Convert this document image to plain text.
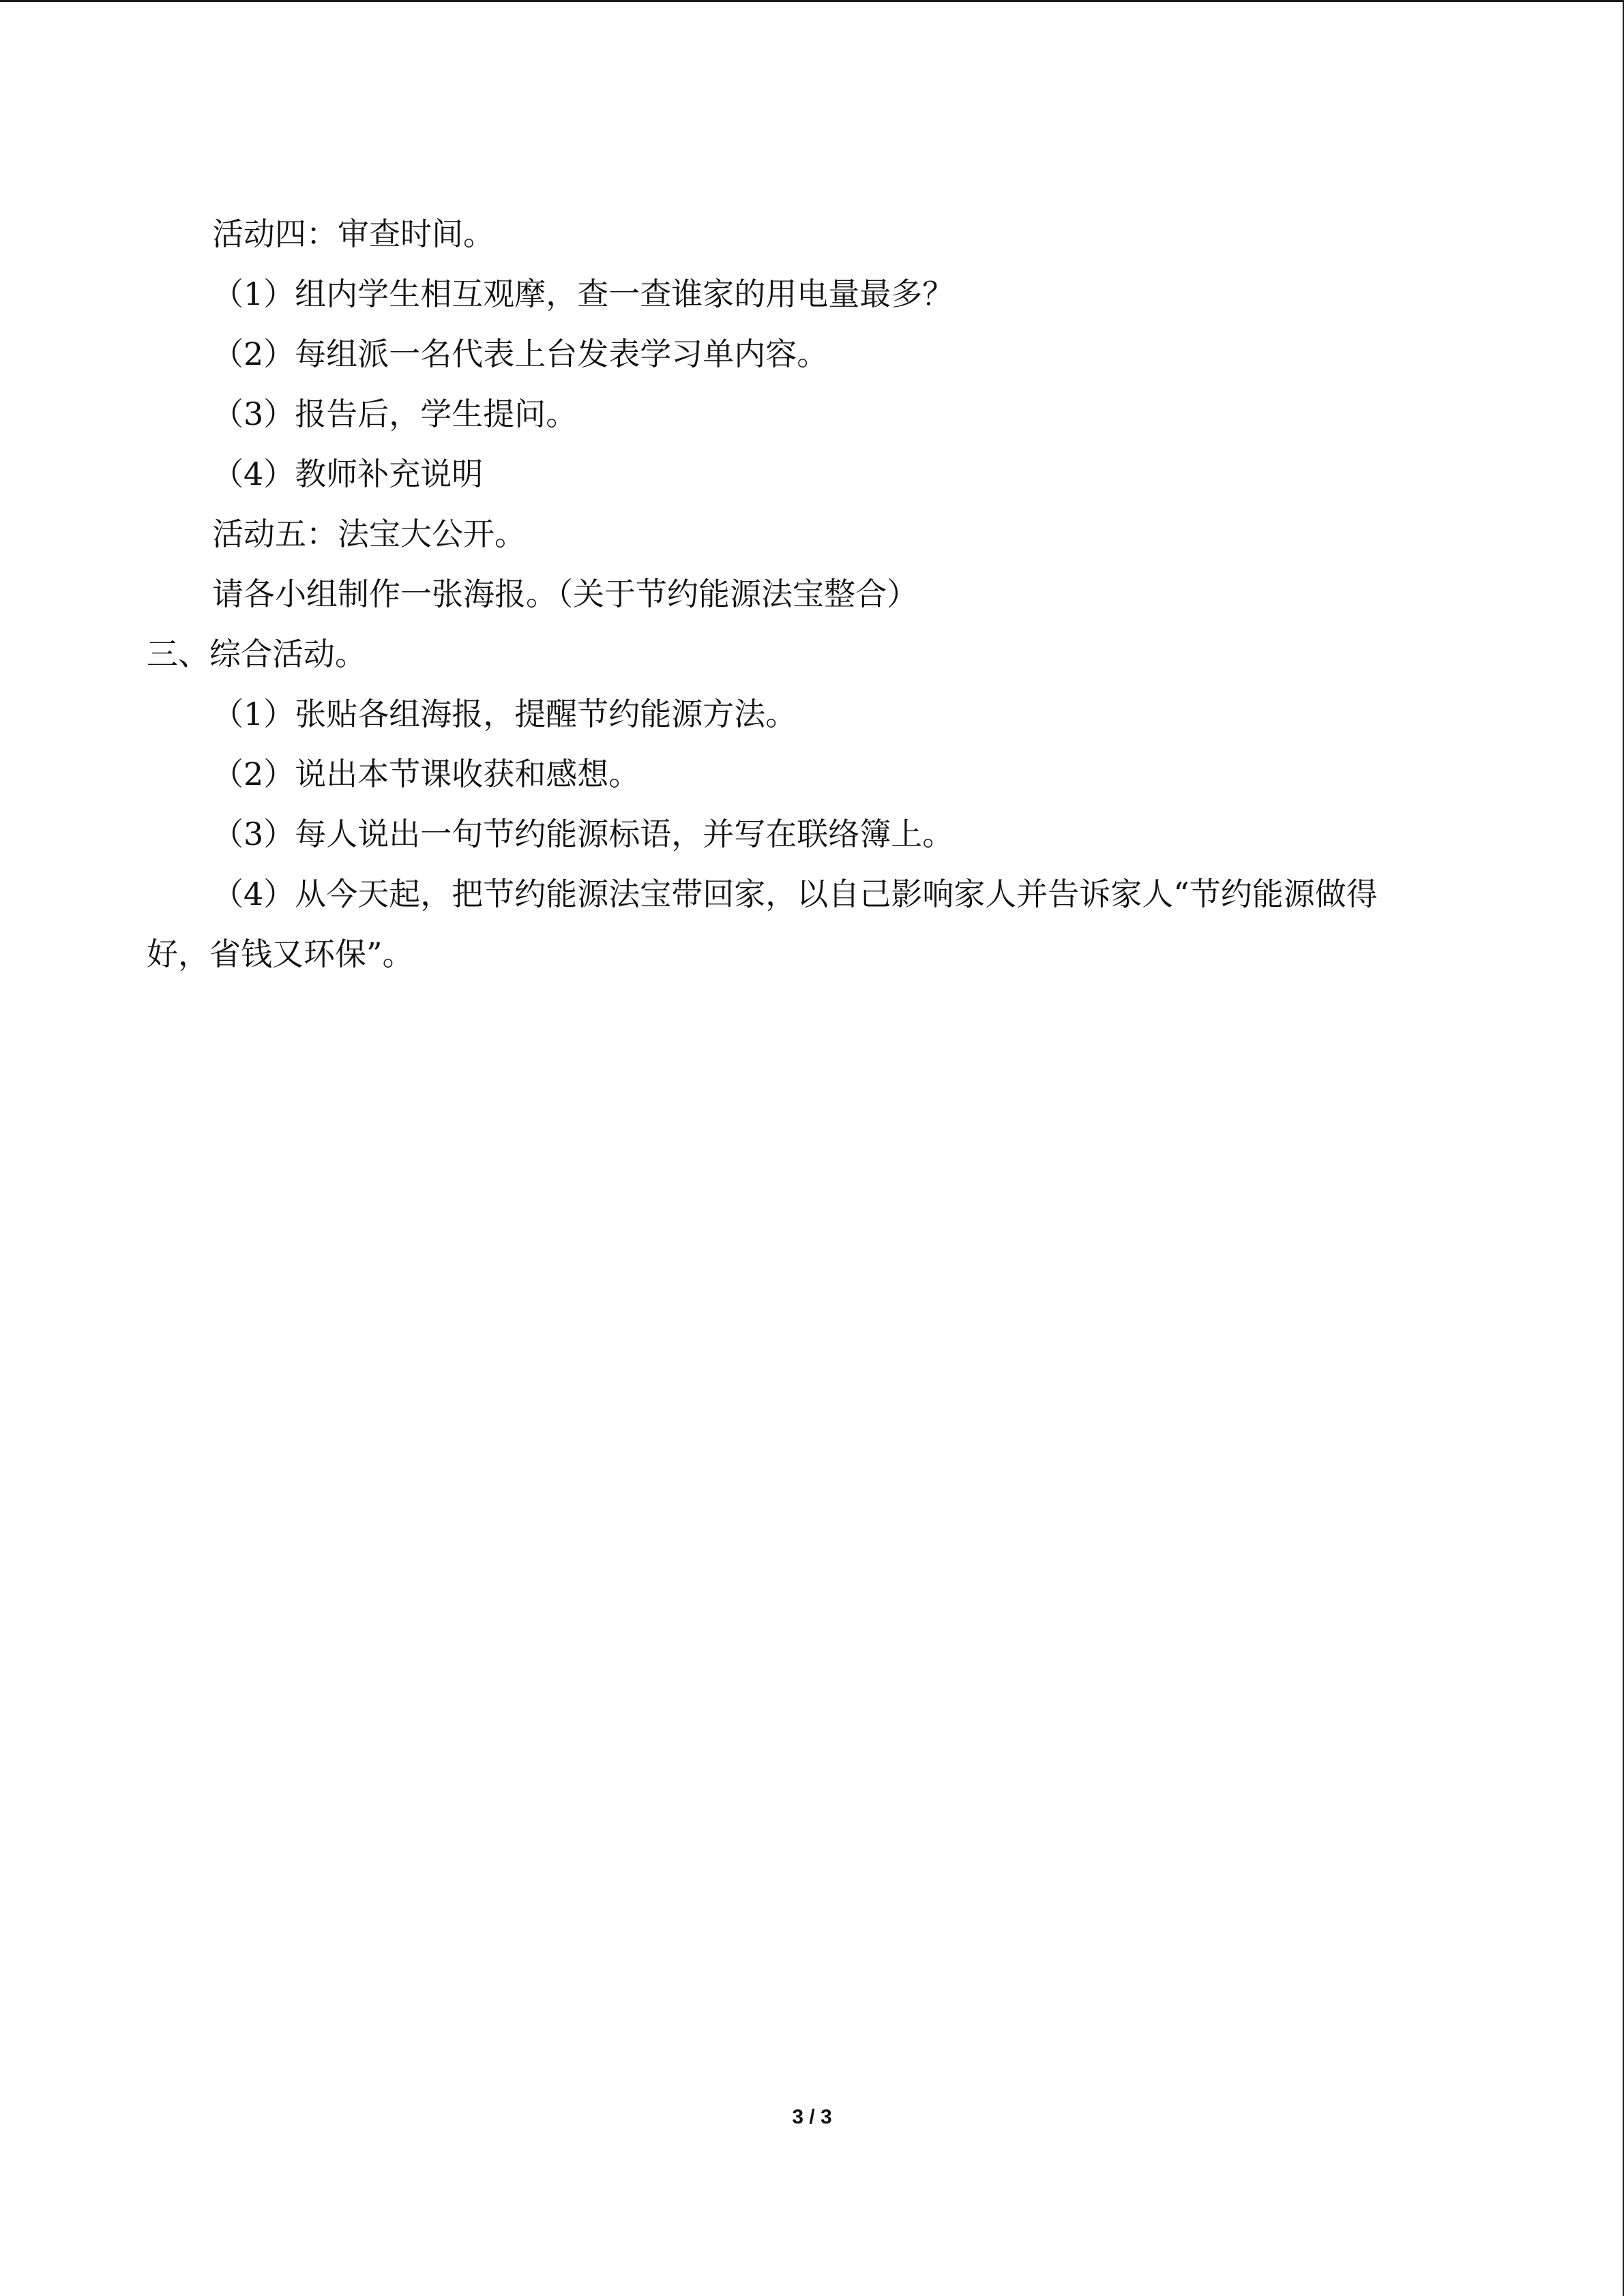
活动四：审查时间。
（1）组内学生相互观摩，查一查谁家的用电量最多？
（2）每组派一名代表上台发表学习单内容。
（3）报告后，学生提问。
（4）教师补充说明
活动五：法宝大公开。
请各小组制作一张海报。（关于节约能源法宝整合）
三、综合活动。
（1）张贴各组海报，提醒节约能源方法。
（2）说出本节课收获和感想。
（3）每人说出一句节约能源标语，并写在联络簿上。
（4）从今天起，把节约能源法宝带回家，以自己影响家人并告诉家人“节约能源做得
好，省钱又环保”。
3 / 3
